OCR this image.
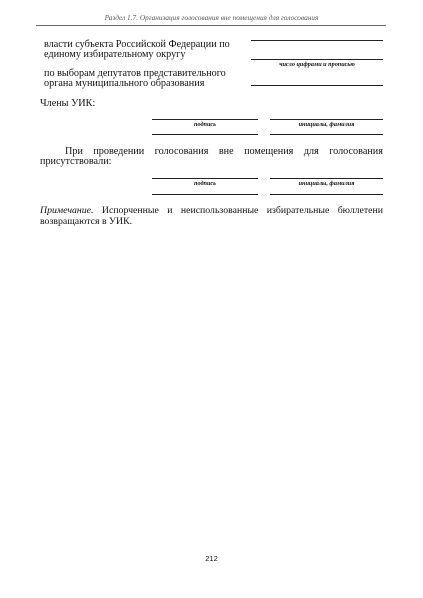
Раздел 1.7. Организация голосования вне помещения для голосования
власти субъекта Российской Федерации по
единому избирательному округу
число цифрами и прописью
по выборам депутатов представительного
органа муниципального образования
Члены УИК:
подпись	инициалы, фамилия
При проведении голосования вне помещения для голосования
присутствовали:
подпись	инициалы, фамилия
Примечание. Испорченные и неиспользованные избирательные бюллетени возвращаются в УИК.
212
